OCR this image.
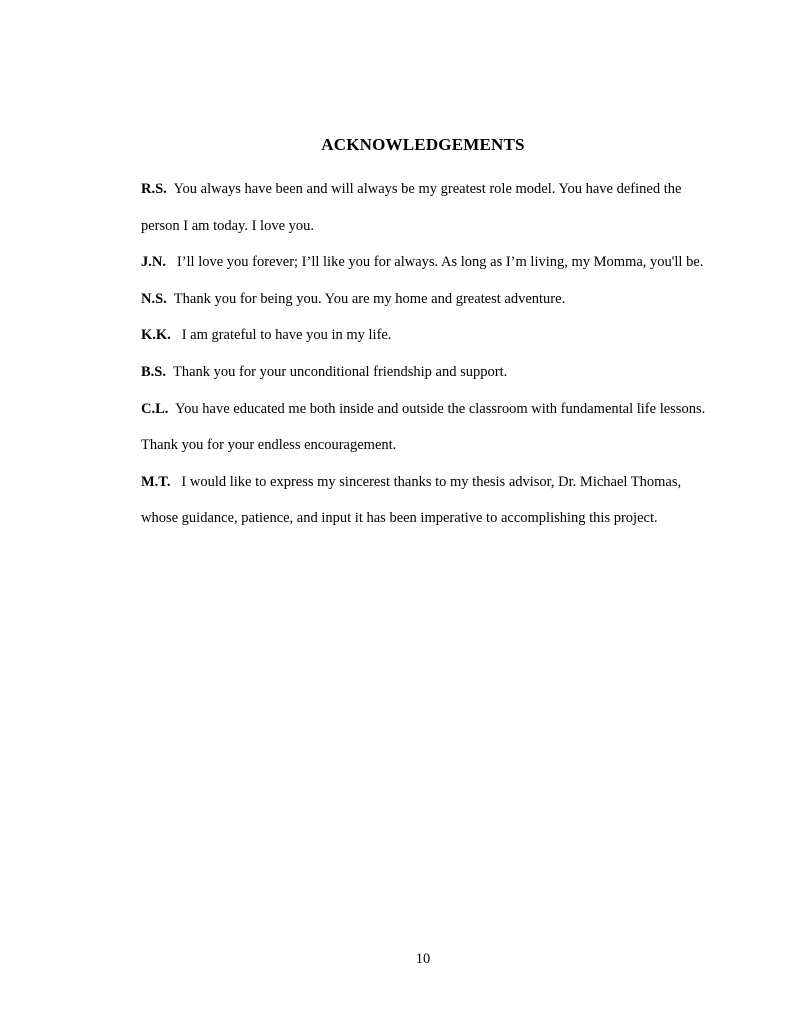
ACKNOWLEDGEMENTS

R.S. You always have been and will always be my greatest role model. You have defined the person I am today. I love you.

J.N. I’ll love you forever; I’ll like you for always. As long as I’m living, my Momma, you'll be.

N.S. Thank you for being you. You are my home and greatest adventure.

K.K. I am grateful to have you in my life.

B.S. Thank you for your unconditional friendship and support.

C.L. You have educated me both inside and outside the classroom with fundamental life lessons. Thank you for your endless encouragement.

M.T. I would like to express my sincerest thanks to my thesis advisor, Dr. Michael Thomas, whose guidance, patience, and input it has been imperative to accomplishing this project.

10
